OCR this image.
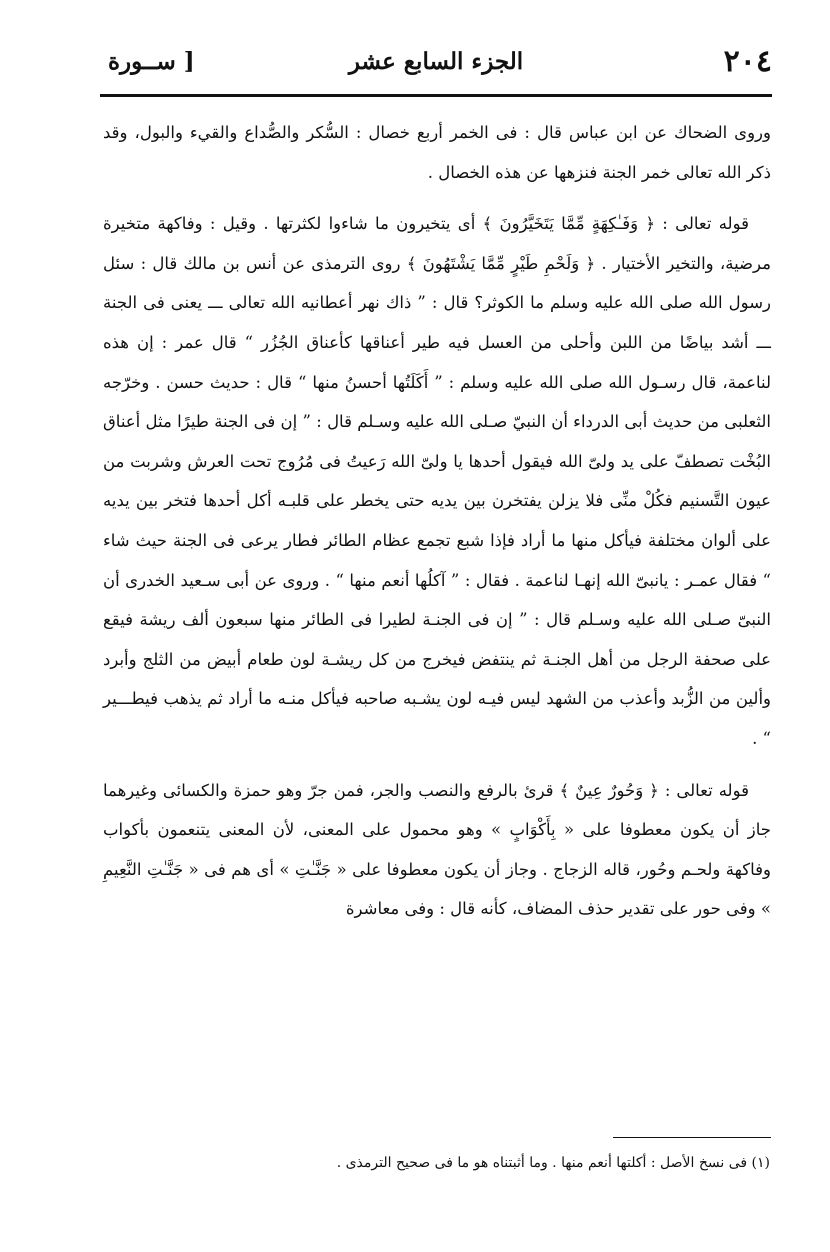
٢٠٤
الجزء السابع عشر
[ســورة

وروى الضحاك عن ابن عباس قال : فى الخمر أربع خصال : السُّكر والصُّداع والقيء والبول، وقد ذكر الله تعالى خمر الجنة فنزهها عن هذه الخصال .

قوله تعالى : ﴿ وَفَـٰكِهَةٍ مِّمَّا يَتَخَيَّرُونَ ﴾ أى يتخيرون ما شاءوا لكثرتها . وقيل : وفاكهة متخيرة مرضية، والتخير الأختيار . ﴿ وَلَحْمِ طَيْرٍ مِّمَّا يَشْتَهُونَ ﴾ روى الترمذى عن أنس بن مالك قال : سئل رسول الله صلى الله عليه وسلم ما الكوثر؟ قال : ” ذاك نهر أعطانيه الله تعالى ـــ يعنى فى الجنة ـــ أشد بياضًا من اللبن وأحلى من العسل فيه طير أعناقها كأعناق الجُزُر “ قال عمر : إن هذه لناعمة، قال رسـول الله صلى الله عليه وسلم : ” أَكَلَتُها أحسنُ منها “ قال : حديث حسن . وخرّجه الثعلبى من حديث أبى الدرداء أن النبيّ صـلى الله عليه وسـلم قال : ” إن فى الجنة طيرًا مثل أعناق البُخْت تصطفّ على يد ولىّ الله فيقول أحدها يا ولىّ الله رَعيتُ فى مُرُوج تحت العرش وشربت من عيون التَّسنيم فكُلْ منِّى فلا يزلن يفتخرن بين يديه حتى يخطر على قلبـه أكل أحدها فتخر بين يديه على ألوان مختلفة فيأكل منها ما أراد فإذا شبع تجمع عظام الطائر فطار يرعى فى الجنة حيث شاء “ فقال عمـر : يانبىّ الله إنهـا لناعمة . فقال : ” آكلُها أنعم منها “ . وروى عن أبى سـعيد الخدرى أن النبىّ صـلى الله عليه وسـلم قال : ” إن فى الجنـة لطيرا فى الطائر منها سبعون ألف ريشة فيقع على صحفة الرجل من أهل الجنـة ثم ينتفض فيخرج من كل ريشـة لون طعام أبيض من الثلج وأبرد وألين من الزُّبد وأعذب من الشهد ليس فيـه لون يشـبه صاحبه فيأكل منـه ما أراد ثم يذهب فيطـــير “ .

قوله تعالى : ﴿ وَحُورٌ عِينٌ ﴾ قرئ بالرفع والنصب والجر، فمن جرّ وهو حمزة والكسائى وغيرهما جاز أن يكون معطوفا على « بِأَكْوَابٍ » وهو محمول على المعنى، لأن المعنى يتنعمون بأكواب وفاكهة ولحـم وحُور، قاله الزجاج . وجاز أن يكون معطوفا على « جَنَّـٰتِ » أى هم فى « جَنَّـٰتِ النَّعِيمِ » وفى حور على تقدير حذف المضاف، كأنه قال : وفى معاشرة

(١) فى نسخ الأصل : أكلتها أنعم منها . وما أثبتناه هو ما فى صحيح الترمذى .
